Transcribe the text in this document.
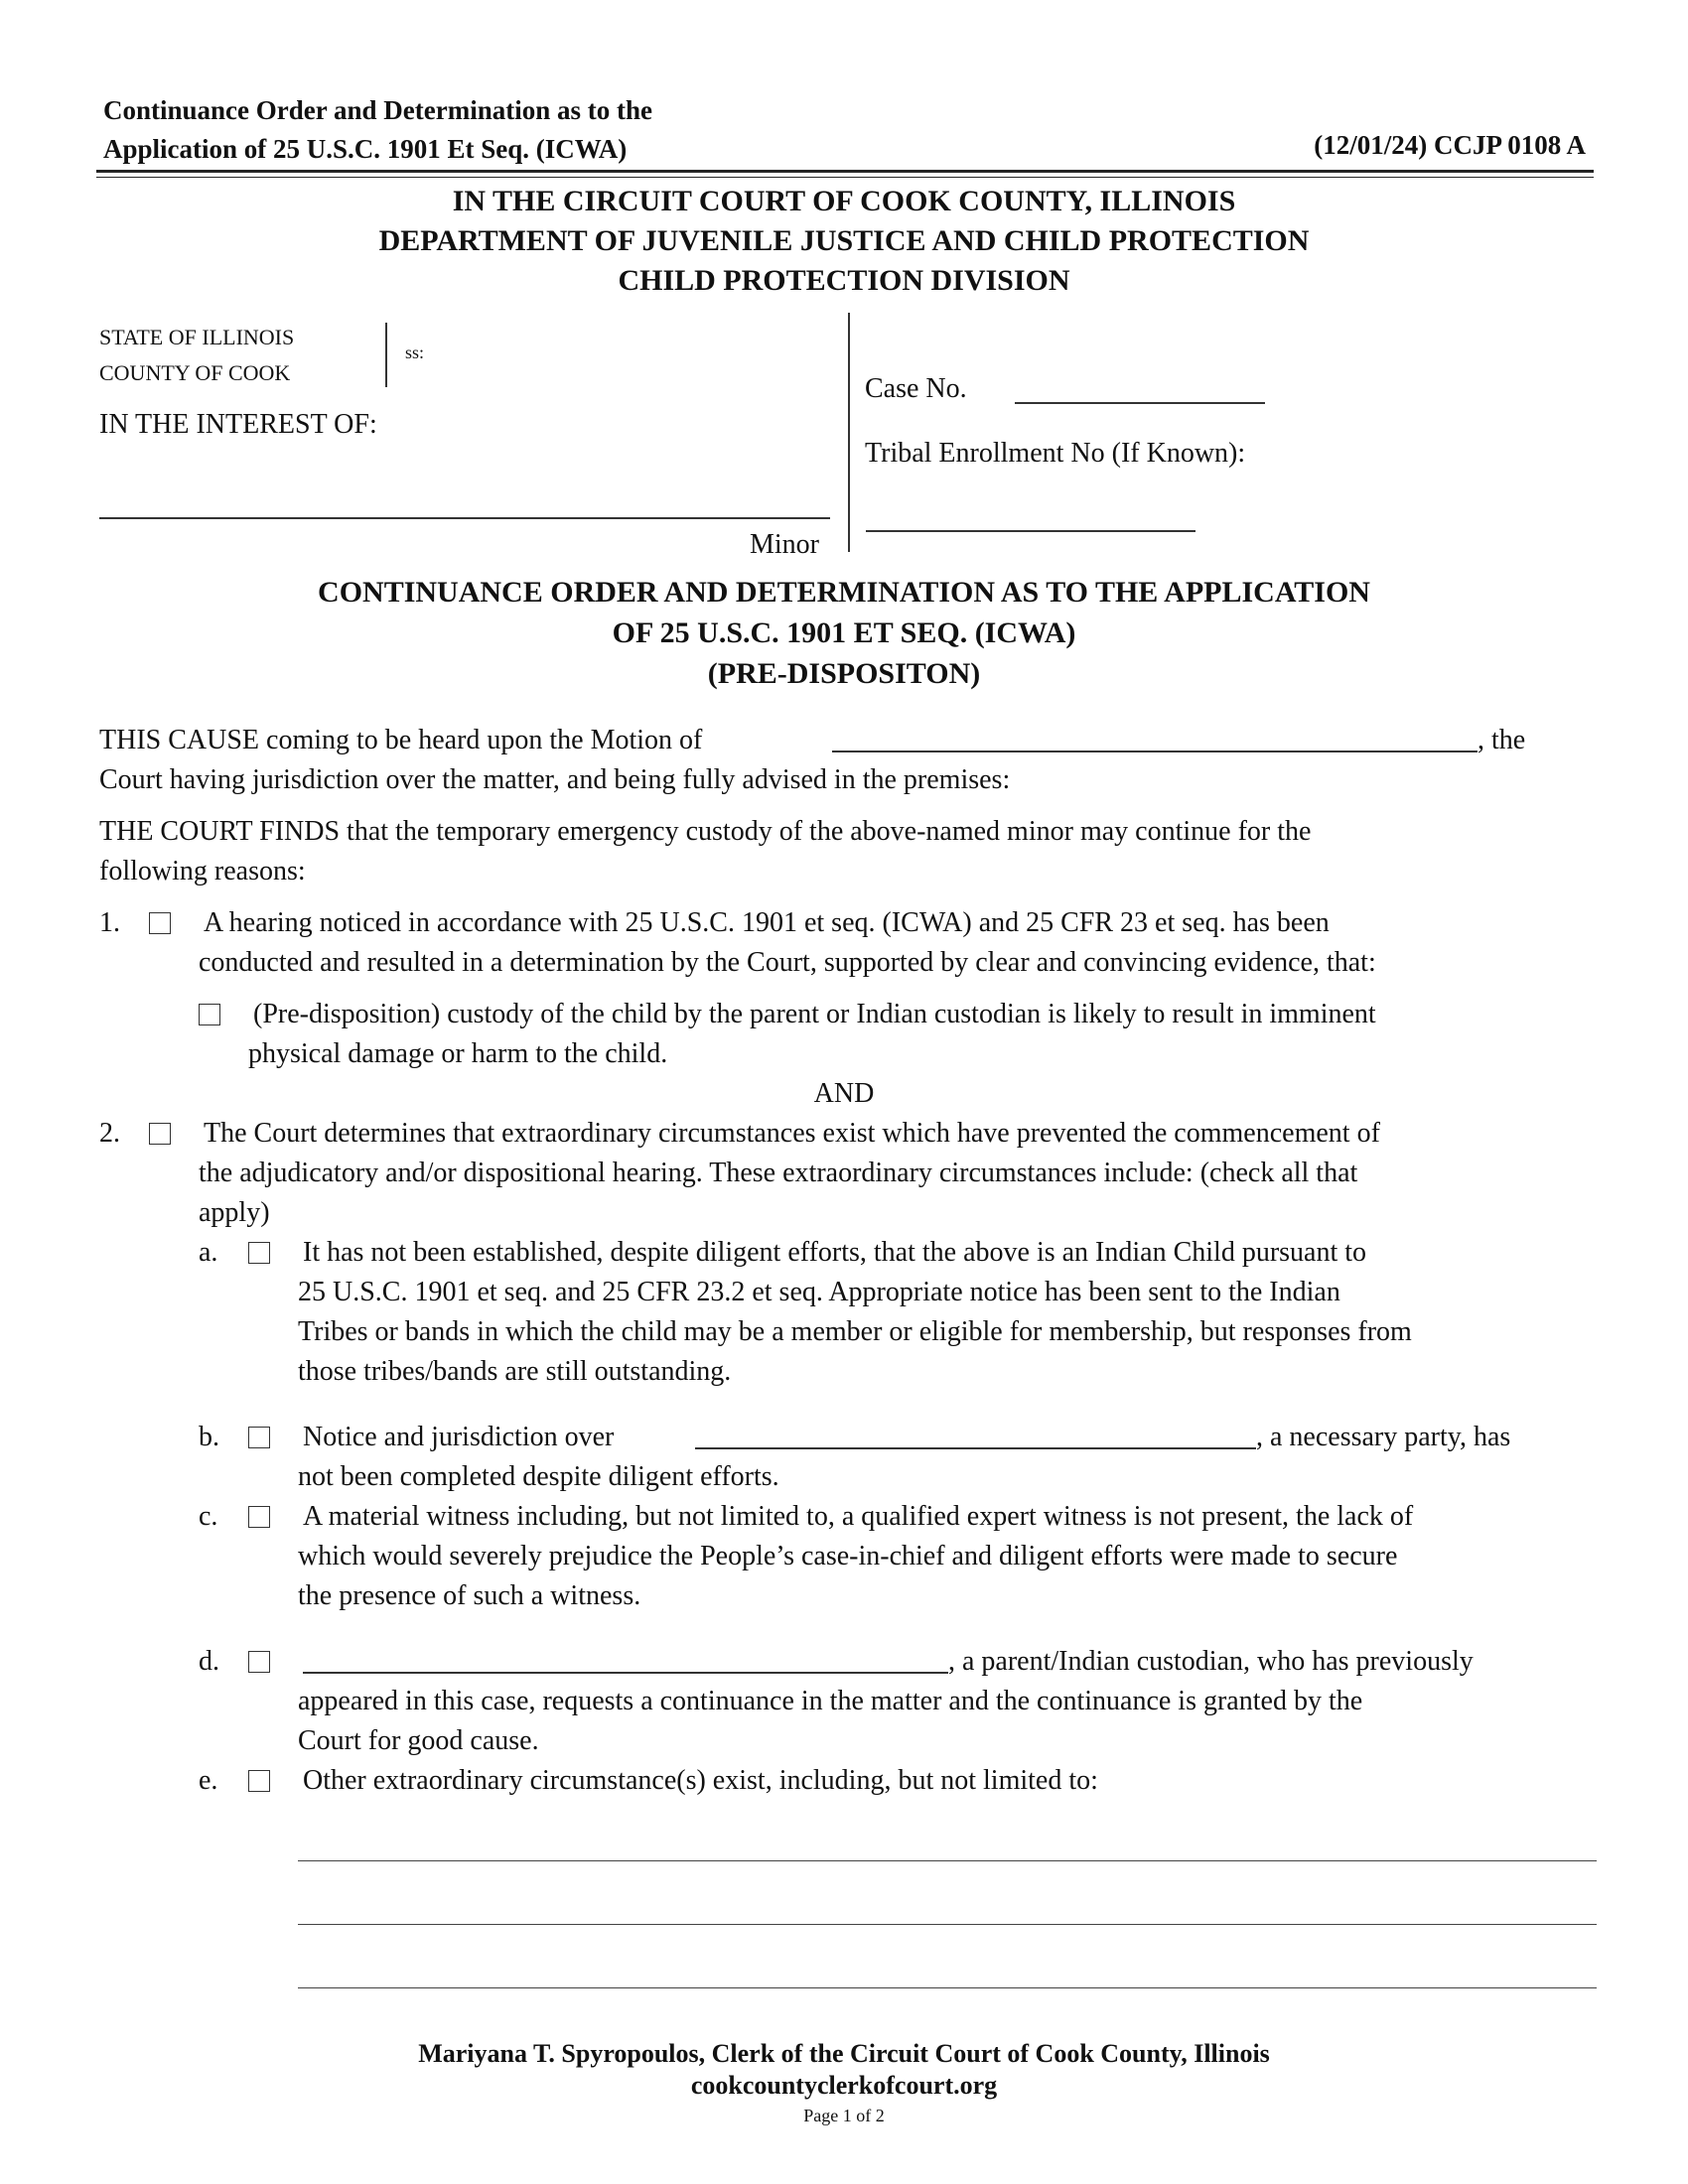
Continuance Order and Determination as to the
Application of 25 U.S.C. 1901 Et Seq. (ICWA)	(12/01/24) CCJP 0108 A
IN THE CIRCUIT COURT OF COOK COUNTY, ILLINOIS
DEPARTMENT OF JUVENILE JUSTICE AND CHILD PROTECTION
CHILD PROTECTION DIVISION
STATE OF ILLINOIS
COUNTY OF COOK
ss:
IN THE INTEREST OF:
Minor
Case No.
Tribal Enrollment No (If Known):
CONTINUANCE ORDER AND DETERMINATION AS TO THE APPLICATION
OF 25 U.S.C. 1901 ET SEQ. (ICWA)
(PRE-DISPOSITON)
THIS CAUSE coming to be heard upon the Motion of	, the
Court having jurisdiction over the matter, and being fully advised in the premises:
THE COURT FINDS that the temporary emergency custody of the above-named minor may continue for the
following reasons:
1.	A hearing noticed in accordance with 25 U.S.C. 1901 et seq. (ICWA) and 25 CFR 23 et seq. has been
conducted and resulted in a determination by the Court, supported by clear and convincing evidence, that:
(Pre-disposition) custody of the child by the parent or Indian custodian is likely to result in imminent
physical damage or harm to the child.
AND
2.	The Court determines that extraordinary circumstances exist which have prevented the commencement of
the adjudicatory and/or dispositional hearing. These extraordinary circumstances include: (check all that
apply)
a.	It has not been established, despite diligent efforts, that the above is an Indian Child pursuant to
25 U.S.C. 1901 et seq. and 25 CFR 23.2 et seq. Appropriate notice has been sent to the Indian
Tribes or bands in which the child may be a member or eligible for membership, but responses from
those tribes/bands are still outstanding.
b.	Notice and jurisdiction over	, a necessary party, has
not been completed despite diligent efforts.
c.	A material witness including, but not limited to, a qualified expert witness is not present, the lack of
which would severely prejudice the People’s case-in-chief and diligent efforts were made to secure
the presence of such a witness.
d.	, a parent/Indian custodian, who has previously
appeared in this case, requests a continuance in the matter and the continuance is granted by the
Court for good cause.
e.	Other extraordinary circumstance(s) exist, including, but not limited to:
Mariyana T. Spyropoulos, Clerk of the Circuit Court of Cook County, Illinois
cookcountyclerkofcourt.org
Page 1 of 2
